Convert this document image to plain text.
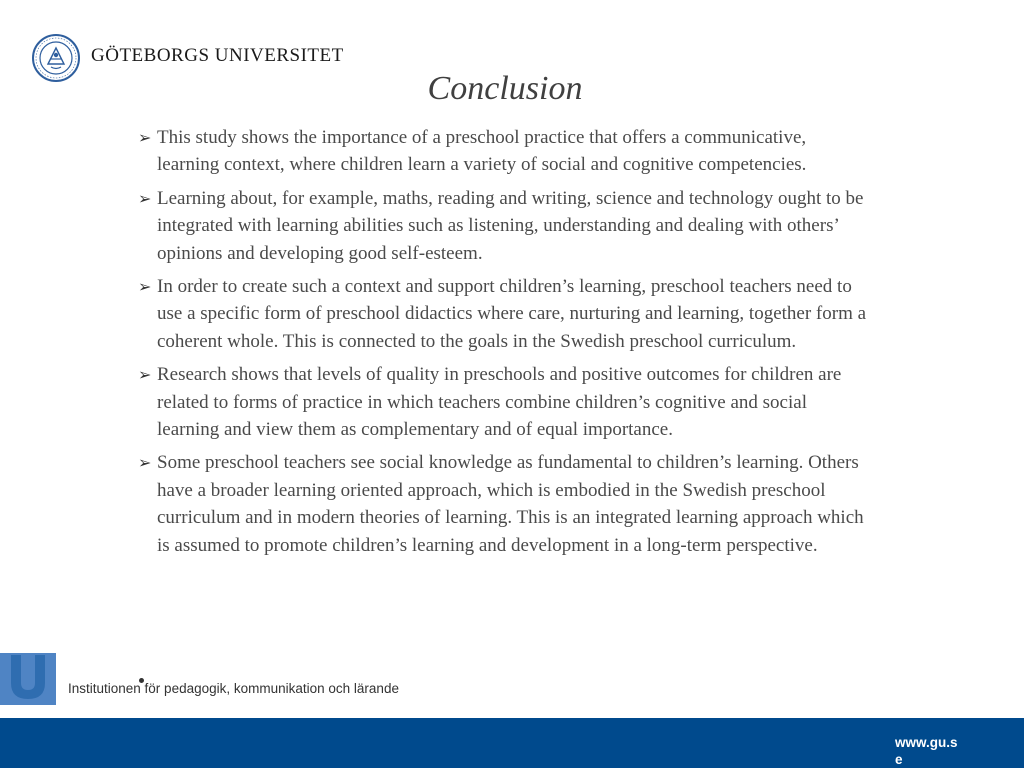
GÖTEBORGS UNIVERSITET
Conclusion
➢ This study shows the importance of a preschool practice that offers a communicative, learning context, where children learn a variety of social and cognitive competencies.
➢ Learning about, for example, maths, reading and writing, science and technology ought to be integrated with learning abilities such as listening, understanding and dealing with others’ opinions and developing good self-esteem.
➢ In order to create such a context and support children’s learning, preschool teachers need to use a specific form of preschool didactics where care, nurturing and learning, together form a coherent whole. This is connected to the goals in the Swedish preschool curriculum.
➢ Research shows that levels of quality in preschools and positive outcomes for children are related to forms of practice in which teachers combine children’s cognitive and social learning and view them as complementary and of equal importance.
➢ Some preschool teachers see social knowledge as fundamental to children’s learning. Others have a broader learning oriented approach, which is embodied in the Swedish preschool curriculum and in modern theories of learning. This is an integrated learning approach which is assumed to promote children’s learning and development in a long-term perspective.
Institutionen för pedagogik, kommunikation och lärande
www.gu.se
